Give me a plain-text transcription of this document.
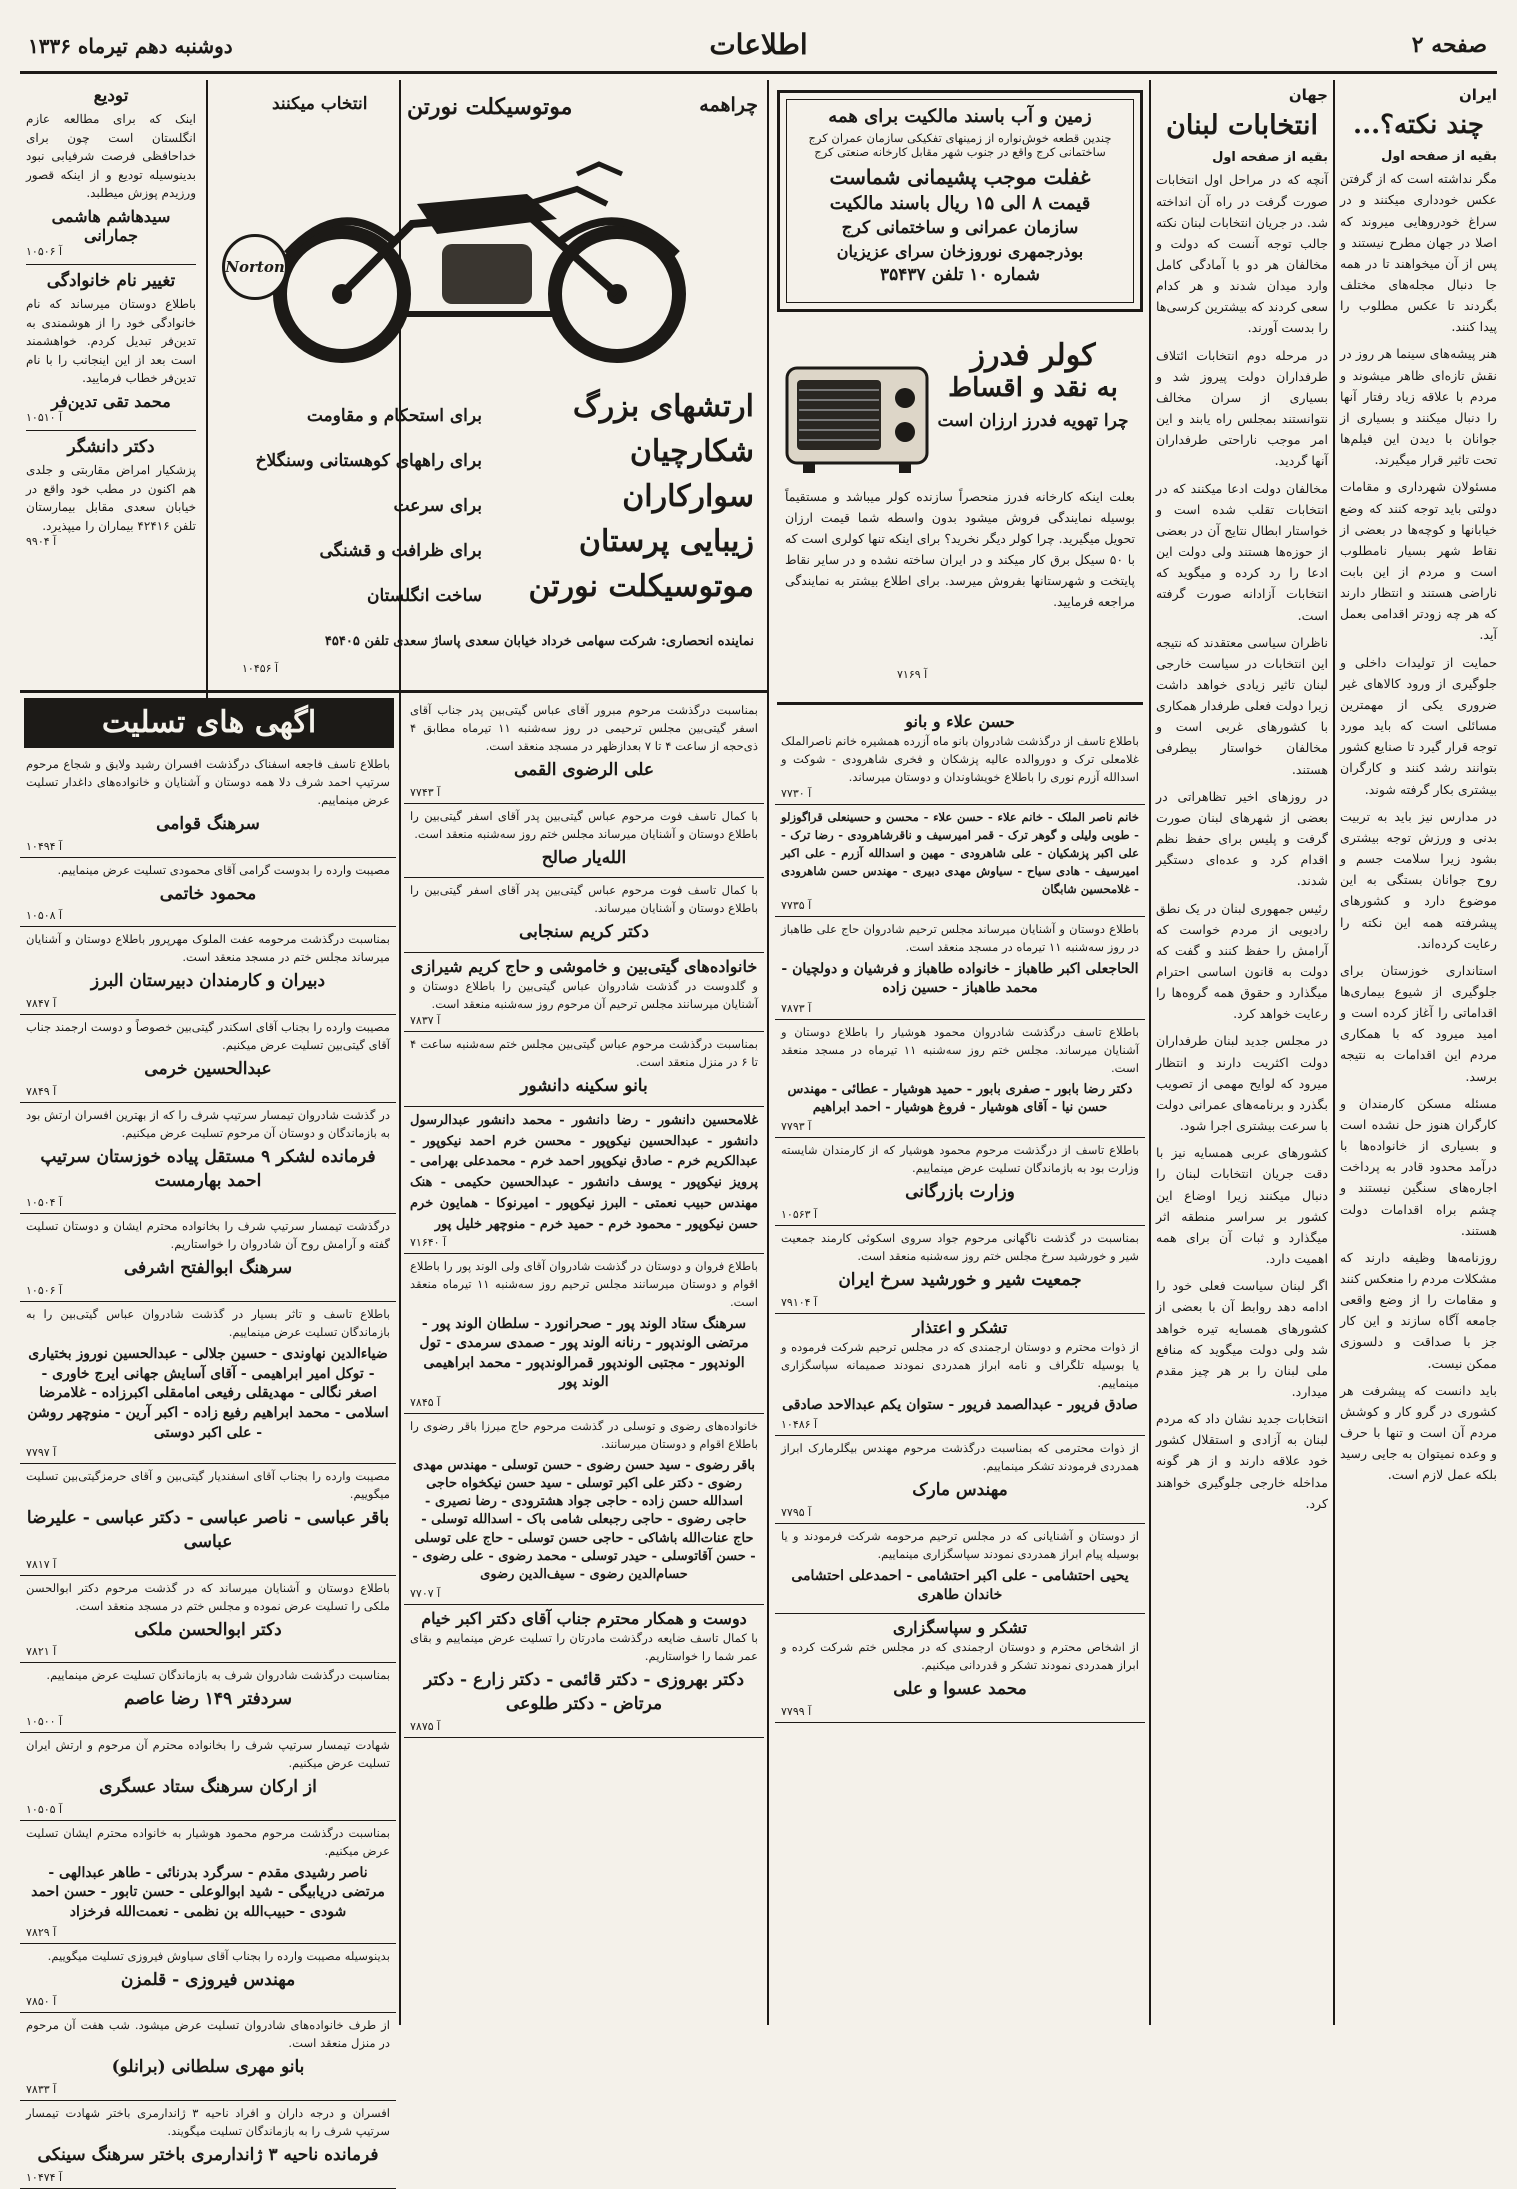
دوشنبه دهم تیرماه ۱۳۳۶	اطلاعات	صفحه ۲
ایران
چند نکته؟...
بقیه از صفحه اول

مگر نداشته است که از گرفتن عکس خودداری میکنند و در سراغ خودروهایی میروند که اصلا در جهان مطرح نیستند و پس از آن میخواهند تا در همه جا دنبال مجله‌های مختلف بگردند تا عکس مطلوب را پیدا کنند.

هنر پیشه‌های سینما هر روز در نقش تازه‌ای ظاهر میشوند و مردم با علاقه زیاد رفتار آنها را دنبال میکنند و بسیاری از جوانان با دیدن این فیلم‌ها تحت تاثیر قرار میگیرند.

مسئولان شهرداری و مقامات دولتی باید توجه کنند که وضع خیابانها و کوچه‌ها در بعضی از نقاط شهر بسیار نامطلوب است و مردم از این بابت ناراضی هستند و انتظار دارند که هر چه زودتر اقدامی بعمل آید.

حمایت از تولیدات داخلی و جلوگیری از ورود کالاهای غیر ضروری یکی از مهمترین مسائلی است که باید مورد توجه قرار گیرد تا صنایع کشور بتوانند رشد کنند و کارگران بیشتری بکار گرفته شوند.

در مدارس نیز باید به تربیت بدنی و ورزش توجه بیشتری بشود زیرا سلامت جسم و روح جوانان بستگی به این موضوع دارد و کشورهای پیشرفته همه این نکته را رعایت کرده‌اند.

استانداری خوزستان برای جلوگیری از شیوع بیماری‌ها اقداماتی را آغاز کرده است و امید میرود که با همکاری مردم این اقدامات به نتیجه برسد.

مسئله مسکن کارمندان و کارگران هنوز حل نشده است و بسیاری از خانواده‌ها با درآمد محدود قادر به پرداخت اجاره‌های سنگین نیستند و چشم براه اقدامات دولت هستند.

روزنامه‌ها وظیفه دارند که مشکلات مردم را منعکس کنند و مقامات را از وضع واقعی جامعه آگاه سازند و این کار جز با صداقت و دلسوزی ممکن نیست.

باید دانست که پیشرفت هر کشوری در گرو کار و کوشش مردم آن است و تنها با حرف و وعده نمیتوان به جایی رسید بلکه عمل لازم است.

جهان
انتخابات لبنان
بقیه از صفحه اول

آنچه که در مراحل اول انتخابات صورت گرفت در راه آن انداخته شد. در جریان انتخابات لبنان نکته جالب توجه آنست که دولت و مخالفان هر دو با آمادگی کامل وارد میدان شدند و هر کدام سعی کردند که بیشترین کرسی‌ها را بدست آورند.

در مرحله دوم انتخابات ائتلاف طرفداران دولت پیروز شد و بسیاری از سران مخالف نتوانستند بمجلس راه یابند و این امر موجب ناراحتی طرفداران آنها گردید.

مخالفان دولت ادعا میکنند که در انتخابات تقلب شده است و خواستار ابطال نتایج آن در بعضی از حوزه‌ها هستند ولی دولت این ادعا را رد کرده و میگوید که انتخابات آزادانه صورت گرفته است.

ناظران سیاسی معتقدند که نتیجه این انتخابات در سیاست خارجی لبنان تاثیر زیادی خواهد داشت زیرا دولت فعلی طرفدار همکاری با کشورهای غربی است و مخالفان خواستار بیطرفی هستند.

در روزهای اخیر تظاهراتی در بعضی از شهرهای لبنان صورت گرفت و پلیس برای حفظ نظم اقدام کرد و عده‌ای دستگیر شدند.

رئیس جمهوری لبنان در یک نطق رادیویی از مردم خواست که آرامش را حفظ کنند و گفت که دولت به قانون اساسی احترام میگذارد و حقوق همه گروه‌ها را رعایت خواهد کرد.

در مجلس جدید لبنان طرفداران دولت اکثریت دارند و انتظار میرود که لوایح مهمی از تصویب بگذرد و برنامه‌های عمرانی دولت با سرعت بیشتری اجرا شود.

کشورهای عربی همسایه نیز با دقت جریان انتخابات لبنان را دنبال میکنند زیرا اوضاع این کشور بر سراسر منطقه اثر میگذارد و ثبات آن برای همه اهمیت دارد.

اگر لبنان سیاست فعلی خود را ادامه دهد روابط آن با بعضی از کشورهای همسایه تیره خواهد شد ولی دولت میگوید که منافع ملی لبنان را بر هر چیز مقدم میدارد.

انتخابات جدید نشان داد که مردم لبنان به آزادی و استقلال کشور خود علاقه دارند و از هر گونه مداخله خارجی جلوگیری خواهند کرد.

زمین و آب باسند مالکیت برای همه
چندین قطعه خوش‌نواره از زمینهای تفکیکی سازمان عمران کرج
ساختمانی کرج واقع در جنوب شهر مقابل کارخانه صنعتی کرج
غفلت موجب پشیمانی شماست
قیمت ۸ الی ۱۵ ریال باسند مالکیت
سازمان عمرانی و ساختمانی کرج
بوذرجمهری نوروزخان سرای عزیزیان
شماره ۱۰ تلفن ۳۵۴۳۷
کولر فدرز
به نقد و اقساط
چرا تهویه فدرز ارزان است
بعلت اینکه کارخانه فدرز منحصراً سازنده کولر میباشد و مستقیماً بوسیله نمایندگی فروش میشود بدون واسطه شما قیمت ارزان تحویل میگیرید. چرا کولر دیگر نخرید؟ برای اینکه تنها کولری است که با ۵۰ سیکل برق کار میکند و در ایران ساخته نشده و در سایر نقاط پایتخت و شهرستانها بفروش میرسد. برای اطلاع بیشتر به نمایندگی مراجعه فرمایید.
آ ۷۱۶۹
چراهمه
موتوسیکلت نورتن
انتخاب میکنند
Norton
ارتشهای بزرگ
شکارچیان
سوارکاران
زیبایی پرستان
موتوسیکلت نورتن
برای استحکام و مقاومت
برای راههای کوهستانی وسنگلاخ
برای سرعت
برای ظرافت و قشنگی
ساخت انگلستان
نماینده انحصاری: شرکت سهامی خرداد خیابان سعدی پاساژ سعدی تلفن ۴۵۴۰۵
آ ۱۰۴۵۶
تودیع
اینک که برای مطالعه عازم انگلستان است چون برای خداحافظی فرصت شرفیابی نبود بدینوسیله تودیع و از اینکه قصور ورزیدم پوزش میطلبد.
سیدهاشم هاشمی جمارانی
آ ۱۰۵۰۶
تغییر نام خانوادگی
باطلاع دوستان میرساند که نام خانوادگی خود را از هوشمندی به تدین‌فر تبدیل کردم. خواهشمند است بعد از این اینجانب را با نام تدین‌فر خطاب فرمایید.
محمد تقی تدین‌فر
آ ۱۰۵۱۰
دکتر دانشگر
پزشکیار امراض مقاربتی و جلدی هم اکنون در مطب خود واقع در خیابان سعدی مقابل بیمارستان تلفن ۴۲۴۱۶ بیماران را میپذیرد.
آ ۹۹۰۴
اگهی های تسلیت
باطلاع تاسف فاجعه اسفناک درگذشت افسران رشید ولایق و شجاع مرحوم سرتیپ احمد شرف دلا همه دوستان و آشنایان و خانواده‌های داغدار تسلیت عرض مینماییم.
سرهنگ قوامی
آ ۱۰۴۹۴
مصیبت وارده را بدوست گرامی آقای محمودی تسلیت عرض مینماییم.
محمود خاتمی
آ ۱۰۵۰۸
بمناسبت درگذشت مرحومه عفت الملوک مهرپرور باطلاع دوستان و آشنایان میرساند مجلس ختم در مسجد منعقد است.
دبیران و کارمندان دبیرستان البرز
آ ۷۸۴۷
مصیبت وارده را بجناب آقای اسکندر گیتی‌بین خصوصاً و دوست ارجمند جناب آقای گیتی‌بین تسلیت عرض میکنیم.
عبدالحسین خرمی
آ ۷۸۴۹
در گذشت شادروان تیمسار سرتیپ شرف را که از بهترین افسران ارتش بود به بازماندگان و دوستان آن مرحوم تسلیت عرض میکنیم.
فرمانده لشکر ۹ مستقل پیاده خوزستان سرتیپ احمد بهارمست
آ ۱۰۵۰۴
درگذشت تیمسار سرتیپ شرف را بخانواده محترم ایشان و دوستان تسلیت گفته و آرامش روح آن شادروان را خواستاریم.
سرهنگ ابوالفتح اشرفی
آ ۱۰۵۰۶
باطلاع تاسف و تاثر بسیار در گذشت شادروان عباس گیتی‌بین را به بازماندگان تسلیت عرض مینماییم.
ضیاءالدین نهاوندی - حسین جلالی - عبدالحسین نوروز بختیاری - توکل امیر ابراهیمی - آقای آسایش جهانی ایرج خاوری - اصغر نگالی - مهدیقلی رفیعی امامقلی اکبرزاده - غلامرضا اسلامی - محمد ابراهیم رفیع زاده - اکبر آرین - منوچهر روشن - علی اکبر دوستی
آ ۷۷۹۷
مصیبت وارده را بجناب آقای اسفندیار گیتی‌بین و آقای حرمزگیتی‌بین تسلیت میگوییم.
باقر عباسی - ناصر عباسی - دکتر عباسی - علیرضا عباسی
آ ۷۸۱۷
باطلاع دوستان و آشنایان میرساند که در گذشت مرحوم دکتر ابوالحسن ملکی را تسلیت عرض نموده و مجلس ختم در مسجد منعقد است.
دکتر ابوالحسن ملکی
آ ۷۸۲۱
بمناسبت درگذشت شادروان شرف به بازماندگان تسلیت عرض مینماییم.
سردفتر ۱۴۹ رضا عاصم
آ ۱۰۵۰۰
شهادت تیمسار سرتیپ شرف را بخانواده محترم آن مرحوم و ارتش ایران تسلیت عرض میکنیم.
از ارکان سرهنگ ستاد عسگری
آ ۱۰۵۰۵
بمناسبت درگذشت مرحوم محمود هوشیار به خانواده محترم ایشان تسلیت عرض میکنیم.
ناصر رشیدی مقدم - سرگرد بدرنائی - طاهر عبدالهی - مرتضی دریابیگی - شید ابوالوعلی - حسن تابور - حسن احمد شودی - حبیب‌الله بن نظمی - نعمت‌الله فرخزاد
آ ۷۸۲۹
بدینوسیله مصیبت وارده را بجناب آقای سیاوش فیروزی تسلیت میگوییم.
مهندس فیروزی - قلمزن
آ ۷۸۵۰
از طرف خانواده‌های شادروان تسلیت عرض میشود. شب هفت آن مرحوم در منزل منعقد است.
بانو مهری سلطانی (برانلو)
آ ۷۸۳۳
افسران و درجه داران و افراد ناحیه ۳ ژاندارمری باختر شهادت تیمسار سرتیپ شرف را به بازماندگان تسلیت میگویند.
فرمانده ناحیه ۳ ژاندارمری باختر سرهنگ سینکی
آ ۱۰۴۷۴
بمناسبت درگذشت مرحوم مبرور آقای عباس گیتی‌بین پدر جناب آقای اسفر گیتی‌بین مجلس ترحیمی در روز سه‌شنبه ۱۱ تیرماه مطابق ۴ ذی‌حجه از ساعت ۴ تا ۷ بعدازظهر در مسجد منعقد است.
علی الرضوی القمی
آ ۷۷۴۳
با کمال تاسف فوت مرحوم عباس گیتی‌بین پدر آقای اسفر گیتی‌بین را باطلاع دوستان و آشنایان میرساند مجلس ختم روز سه‌شنبه منعقد است.
الله‌یار صالح
با کمال تاسف فوت مرحوم عباس گیتی‌بین پدر آقای اسفر گیتی‌بین را باطلاع دوستان و آشنایان میرساند.
دکتر کریم سنجابی
خانواده‌های گیتی‌بین و خاموشی و حاج کریم شیرازی
و گلدوست در گذشت شادروان عباس گیتی‌بین را باطلاع دوستان و آشنایان میرسانند مجلس ترحیم آن مرحوم روز سه‌شنبه منعقد است.
آ ۷۸۳۷
بمناسبت درگذشت مرحوم عباس گیتی‌بین مجلس ختم سه‌شنبه ساعت ۴ تا ۶ در منزل منعقد است.
بانو سکینه دانشور
غلامحسین دانشور - رضا دانشور - محمد دانشور عبدالرسول دانشور - عبدالحسین نیکوپور - محسن خرم احمد نیکوپور - عبدالکریم خرم - صادق نیکوپور احمد خرم - محمدعلی بهرامی - پرویز نیکوپور - یوسف دانشور - عبدالحسین حکیمی - هنک مهندس حبیب نعمتی - البرز نیکوپور - امیرنوکا - همایون خرم حسن نیکوپور - محمود خرم - حمید خرم - منوچهر خلیل پور
آ ۷۱۶۴۰
باطلاع فروان و دوستان در گذشت شادروان آقای ولی الوند پور را باطلاع اقوام و دوستان میرسانند مجلس ترحیم روز سه‌شنبه ۱۱ تیرماه منعقد است.
سرهنگ ستاد الوند پور - صحرانورد - سلطان الوند پور - مرتضی الوندپور - رنانه الوند پور - صمدی سرمدی - تول الوندپور - مجتبی الوندپور قمرالوندپور - محمد ابراهیمی الوند پور
آ ۷۸۴۵
خانواده‌های رضوی و توسلی در گذشت مرحوم حاج میرزا باقر رضوی را باطلاع اقوام و دوستان میرسانند.
باقر رضوی - سید حسن رضوی - حسن توسلی - مهندس مهدی رضوی - دکتر علی اکبر توسلی - سید حسن نیکخواه حاجی اسدالله حسن زاده - حاجی جواد هشترودی - رضا نصیری - حاجی رضوی - حاجی رجبعلی شامی باک - اسدالله توسلی - حاج عنات‌الله باشاکی - حاجی حسن توسلی - حاج علی توسلی - حسن آقاتوسلی - حیدر توسلی - محمد رضوی - علی رضوی - حسام‌الدین رضوی - سیف‌الدین رضوی
آ ۷۷۰۷
دوست و همکار محترم جناب آقای دکتر اکبر خیام
با کمال تاسف ضایعه درگذشت مادرتان را تسلیت عرض مینماییم و بقای عمر شما را خواستاریم.
دکتر بهروزی - دکتر قائمی - دکتر زارع - دکتر مرتاض - دکتر طلوعی
آ ۷۸۷۵
حسن علاء و بانو
باطلاع تاسف از درگذشت شادروان بانو ماه آزرده همشیره خانم ناصرالملک غلامعلی ترک و دوروالده عالیه پزشکان و فخری شاهرودی - شوکت و اسدالله آزرم نوری را باطلاع خویشاوندان و دوستان میرساند.
آ ۷۷۳۰
خانم ناصر الملک - خانم علاء - حسن علاء - محسن و حسینعلی قراگوزلو - طوبی ولیلی و گوهر ترک - قمر امیرسیف و ناقرشاهرودی - رضا ترک - علی اکبر پزشکیان - علی شاهرودی - مهین و اسدالله آزرم - علی اکبر امیرسیف - هادی سیاح - سیاوش مهدی دبیری - مهندس حسن شاهرودی - غلامحسین شابگان
آ ۷۷۳۵
باطلاع دوستان و آشنایان میرساند مجلس ترحیم شادروان حاج علی طاهباز در روز سه‌شنبه ۱۱ تیرماه در مسجد منعقد است.
الحاجعلی اکبر طاهباز - خانواده طاهباز و فرشیان و دولچیان - محمد طاهباز - حسین زاده
آ ۷۸۷۳
باطلاع تاسف درگذشت شادروان محمود هوشیار را باطلاع دوستان و آشنایان میرساند. مجلس ختم روز سه‌شنبه ۱۱ تیرماه در مسجد منعقد است.
دکتر رضا بابور - صفری بابور - حمید هوشیار - عطائی - مهندس حسن نیا - آقای هوشیار - فروغ هوشیار - احمد ابراهیم
آ ۷۷۹۳
باطلاع تاسف از درگذشت مرحوم محمود هوشیار که از کارمندان شایسته وزارت بود به بازماندگان تسلیت عرض مینماییم.
وزارت بازرگانی
آ ۱۰۵۶۳
بمناسبت در گذشت ناگهانی مرحوم جواد سروی اسکوئی کارمند جمعیت شیر و خورشید سرخ مجلس ختم روز سه‌شنبه منعقد است.
جمعیت شیر و خورشید سرخ ایران
آ ۷۹۱۰۴
تشکر و اعتذار
از ذوات محترم و دوستان ارجمندی که در مجلس ترحیم شرکت فرموده و یا بوسیله تلگراف و نامه ابراز همدردی نمودند صمیمانه سپاسگزاری مینماییم.
صادق فریور - عبدالصمد فریور - ستوان یکم عبدالاحد صادقی
آ ۱۰۴۸۶
از ذوات محترمی که بمناسبت درگذشت مرحوم مهندس بیگلرمارک ابراز همدردی فرمودند تشکر مینماییم.
مهندس مارک
آ ۷۷۹۵
از دوستان و آشنایانی که در مجلس ترحیم مرحومه شرکت فرمودند و یا بوسیله پیام ابراز همدردی نمودند سپاسگزاری مینماییم.
یحیی احتشامی - علی اکبر احتشامی - احمدعلی احتشامی خاندان طاهری
تشکر و سپاسگزاری
از اشخاص محترم و دوستان ارجمندی که در مجلس ختم شرکت کرده و ابراز همدردی نمودند تشکر و قدردانی میکنیم.
محمد عسوا و علی
آ ۷۷۹۹
